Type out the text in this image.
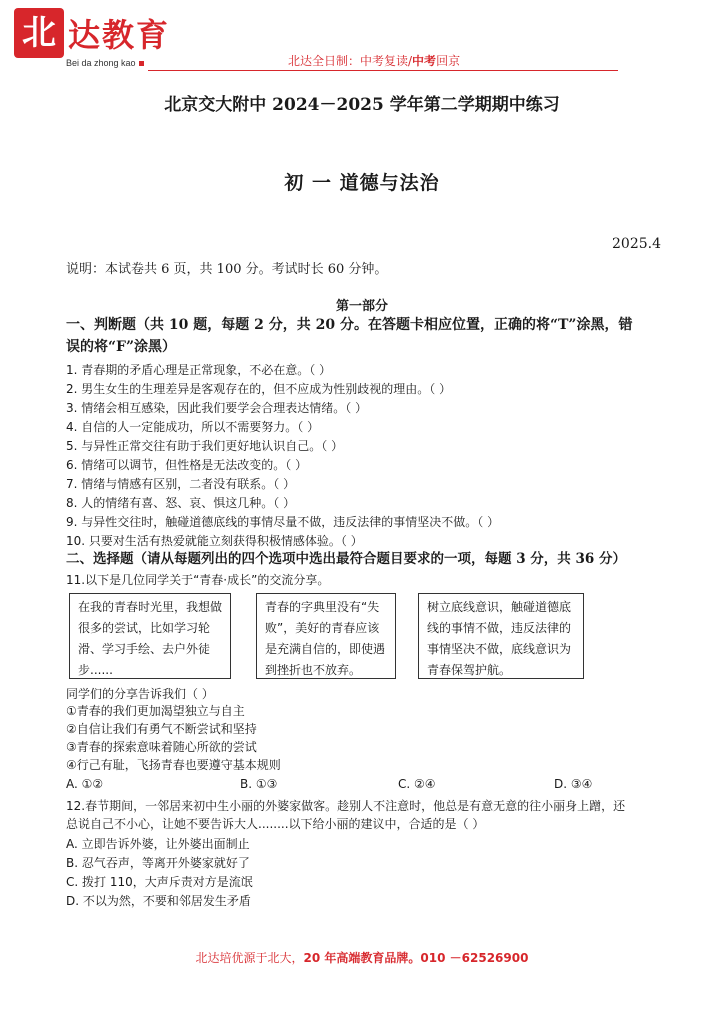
北 达教育
Bei da zhong kao	北达全日制：中考复读/中考回京
北京交大附中 2024－2025 学年第二学期期中练习
初 一 道德与法治
2025.4
说明：本试卷共 6 页，共 100 分。考试时长 60 分钟。
第一部分
一、判断题（共 10 题，每题 2 分，共 20 分。在答题卡相应位置，正确的将“T”涂黑，错
误的将“F”涂黑）
1. 青春期的矛盾心理是正常现象，不必在意。（ ）
2. 男生女生的生理差异是客观存在的，但不应成为性别歧视的理由。（ ）
3. 情绪会相互感染，因此我们要学会合理表达情绪。（ ）
4. 自信的人一定能成功，所以不需要努力。（ ）
5. 与异性正常交往有助于我们更好地认识自己。（ ）
6. 情绪可以调节，但性格是无法改变的。（ ）
7. 情绪与情感有区别，二者没有联系。（ ）
8. 人的情绪有喜、怒、哀、惧这几种。（ ）
9. 与异性交往时，触碰道德底线的事情尽量不做，违反法律的事情坚决不做。（ ）
10. 只要对生活有热爱就能立刻获得积极情感体验。（ ）
二、选择题（请从每题列出的四个选项中选出最符合题目要求的一项，每题 3 分，共 36 分）
11.以下是几位同学关于“青春·成长”的交流分享。
在我的青春时光里，我想做很多的尝试，比如学习轮滑、学习手绘、去户外徒步......
青春的字典里没有“失败”，美好的青春应该是充满自信的，即使遇到挫折也不放弃。
树立底线意识，触碰道德底线的事情不做，违反法律的事情坚决不做，底线意识为青春保驾护航。
同学们的分享告诉我们（ ）
①青春的我们更加渴望独立与自主
②自信让我们有勇气不断尝试和坚持
③青春的探索意味着随心所欲的尝试
④行己有耻，飞扬青春也要遵守基本规则
A. ①②	B. ①③	C. ②④	D. ③④
12.春节期间，一邻居来初中生小丽的外婆家做客。趁别人不注意时，他总是有意无意的往小丽身上蹭，还
总说自己不小心，让她不要告诉大人........以下给小丽的建议中，合适的是（ ）
A. 立即告诉外婆，让外婆出面制止
B. 忍气吞声，等离开外婆家就好了
C. 拨打 110，大声斥责对方是流氓
D. 不以为然，不要和邻居发生矛盾
北达培优源于北大，20 年高端教育品牌。010 －62526900
